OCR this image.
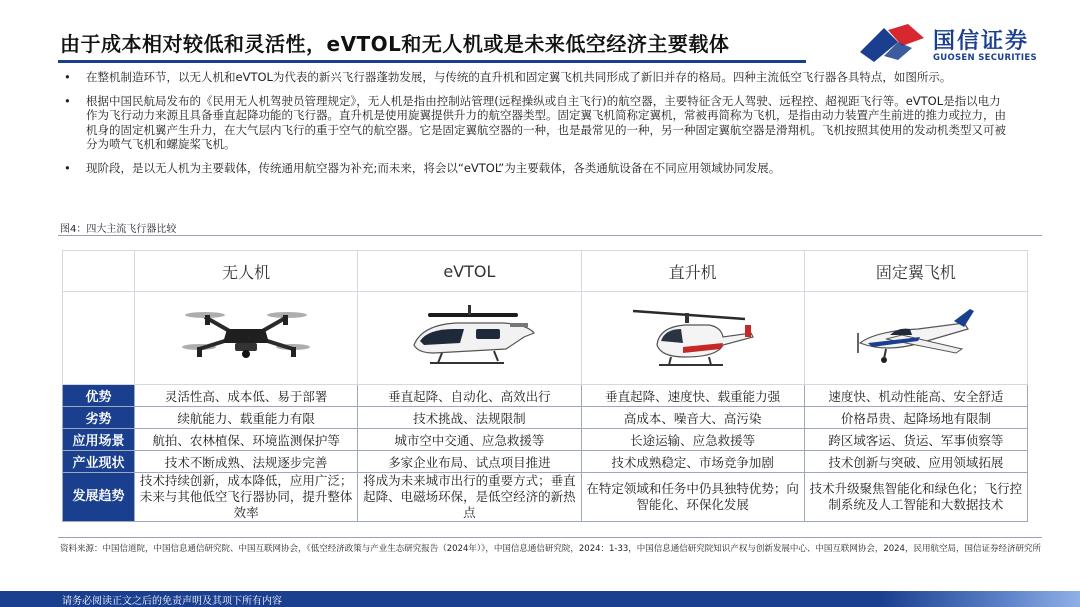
由于成本相对较低和灵活性，eVTOL和无人机或是未来低空经济主要载体	国信证券
GUOSEN SECURITIES
• 在整机制造环节，以无人机和eVTOL为代表的新兴飞行器蓬勃发展，与传统的直升机和固定翼飞机共同形成了新旧并存的格局。四种主流低空飞行器各具特点，如图所示。
• 根据中国民航局发布的《民用无人机驾驶员管理规定》，无人机是指由控制站管理(远程操纵或自主飞行)的航空器，主要特征含无人驾驶、远程控、超视距飞行等。eVTOL是指以电力作为飞行动力来源且具备垂直起降功能的飞行器。直升机是使用旋翼提供升力的航空器类型。固定翼飞机简称定翼机，常被再简称为飞机，是指由动力装置产生前进的推力或拉力，由机身的固定机翼产生升力，在大气层内飞行的重于空气的航空器。它是固定翼航空器的一种，也是最常见的一种，另一种固定翼航空器是滑翔机。飞机按照其使用的发动机类型又可被分为喷气飞机和螺旋桨飞机。
• 现阶段，是以无人机为主要载体，传统通用航空器为补充;而未来，将会以“eVTOL”为主要载体，各类通航设备在不同应用领域协同发展。
图4：四大主流飞行器比较
	无人机	eVTOL	直升机	固定翼飞机

优势	灵活性高、成本低、易于部署	垂直起降、自动化、高效出行	垂直起降、速度快、载重能力强	速度快、机动性能高、安全舒适
劣势	续航能力、载重能力有限	技术挑战、法规限制	高成本、噪音大、高污染	价格昂贵、起降场地有限制
应用场景	航拍、农林植保、环境监测保护等	城市空中交通、应急救援等	长途运输、应急救援等	跨区域客运、货运、军事侦察等
产业现状	技术不断成熟、法规逐步完善	多家企业布局、试点项目推进	技术成熟稳定、市场竞争加剧	技术创新与突破、应用领域拓展
发展趋势	技术持续创新，成本降低，应用广泛；未来与其他低空飞行器协同，提升整体效率	将成为未来城市出行的重要方式；垂直起降、电磁场环保，是低空经济的新热点	在特定领域和任务中仍具独特优势；向智能化、环保化发展	技术升级聚焦智能化和绿色化；飞行控制系统及人工智能和大数据技术
资料来源：中国信道院，中国信息通信研究院、中国互联网协会，《低空经济政策与产业生态研究报告（2024年）》，中国信息通信研究院，2024：1-33，中国信息通信研究院知识产权与创新发展中心、中国互联网协会，2024，民用航空局，国信证券经济研究所
请务必阅读正文之后的免责声明及其项下所有内容
